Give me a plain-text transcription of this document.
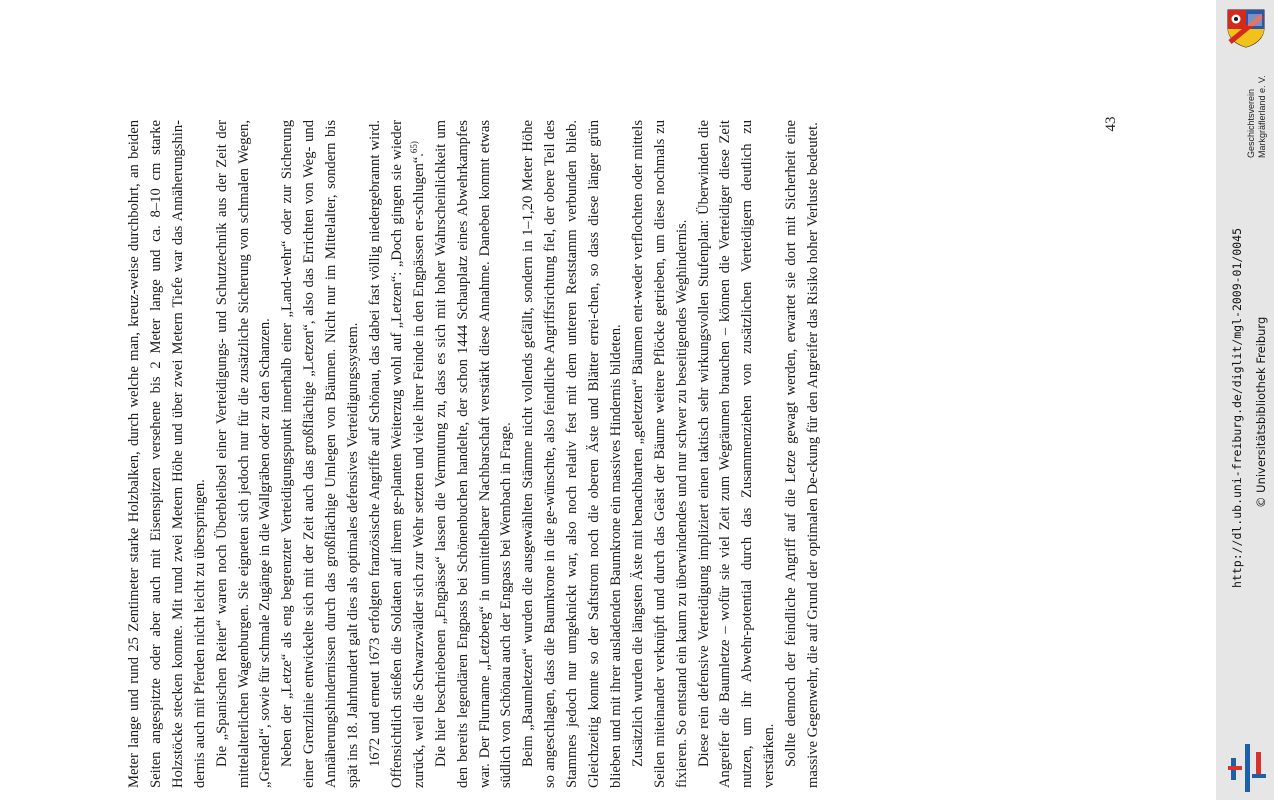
Meter lange und rund 25 Zentimeter starke Holzbalken, durch welche man, kreuz-weise durchbohrt, an beiden Seiten angespitzte oder aber auch mit Eisenspitzen versehene bis 2 Meter lange und ca. 8–10 cm starke Holzstöcke stecken konnte. Mit rund zwei Metern Höhe und über zwei Metern Tiefe war das Annäherungshin-dernis auch mit Pferden nicht leicht zu überspringen. Die „Spanischen Reiter“ waren noch Überbleibsel einer Verteidigungs- und Schutztechnik aus der Zeit der mittelalterlichen Wagenburgen. Sie eigneten sich jedoch nur für die zusätzliche Sicherung von schmalen Wegen, „Grendel“, sowie für schmale Zugänge in die Wallgräben oder zu den Schanzen. Neben der „Letze“ als eng begrenzter Verteidigungspunkt innerhalb einer „Land-wehr“ oder zur Sicherung einer Grenzlinie entwickelte sich mit der Zeit auch das großflächige „Letzen“, also das Errichten von Weg- und Annäherungshindernissen durch das großflächige Umlegen von Bäumen. Nicht nur im Mittelalter, sondern bis spät ins 18. Jahrhundert galt dies als optimales defensives Verteidigungssystem. 1672 und erneut 1673 erfolgten französische Angriffe auf Schönau, das dabei fast völlig niedergebrannt wird. Offensichtlich stießen die Soldaten auf ihrem ge-planten Weiterzug wohl auf „Letzen“: „Doch gingen sie wieder zurück, weil die Schwarzwälder sich zur Wehr setzten und viele ihrer Feinde in den Engpässen er-schlugen“.$^{65)}$ Die hier beschriebenen „Engpässe“ lassen die Vermutung zu, dass es sich mit hoher Wahrscheinlichkeit um den bereits legendären Engpass bei Schönenbuchen handelte, der schon 1444 Schauplatz eines Abwehrkampfes war. Der Flurname „Letzberg“ in unmittelbarer Nachbarschaft verstärkt diese Annahme. Daneben kommt etwas südlich von Schönau auch der Engpass bei Wembach in Frage. Beim „Baumletzen“ wurden die ausgewählten Stämme nicht vollends gefällt, sondern in 1–1,20 Meter Höhe so angeschlagen, dass die Baumkrone in die ge-wünschte, also feindliche Angriffsrichtung fiel, der obere Teil des Stammes jedoch nur umgeknickt war, also noch relativ fest mit dem unteren Reststamm verbunden blieb. Gleichzeitig konnte so der Saftstrom noch die oberen Äste und Blätter errei-chen, so dass diese länger grün blieben und mit ihrer ausladenden Baumkrone ein massives Hindernis bildeten. Zusätzlich wurden die längsten Äste mit benachbarten „geletzten“ Bäumen ent-weder verflochten oder mittels Seilen miteinander verknüpft und durch das Geäst der Bäume weitere Pflöcke getrieben, um diese nochmals zu fixieren. So entstand ein kaum zu überwindendes und nur schwer zu beseitigendes Weghindernis. Diese rein defensive Verteidigung impliziert einen taktisch sehr wirkungsvollen Stufenplan: Überwinden die Angreifer die Baumletze – wofür sie viel Zeit zum Wegräumen brauchen – können die Verteidiger diese Zeit nutzen, um ihr Abwehr-potential durch das Zusammenziehen von zusätzlichen Verteidigern deutlich zu verstärken. Sollte dennoch der feindliche Angriff auf die Letze gewagt werden, erwartet sie dort mit Sicherheit eine massive Gegenwehr, die auf Grund der optimalen De-ckung für den Angreifer das Risiko hoher Verluste bedeutet.	43	Geschichtsverein Markgräflerland e. V.
http://dl.ub.uni-freiburg.de/diglit/mgl-2009-01/0045 © Universitätsbibliothek Freiburg
